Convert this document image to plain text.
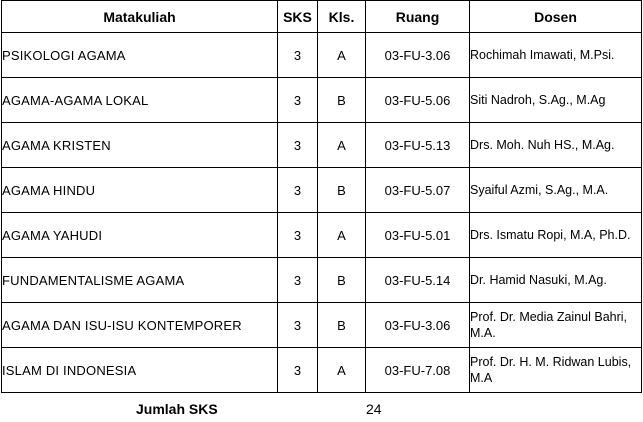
Matakuliah	SKS	Kls.	Ruang	Dosen
PSIKOLOGI AGAMA	3	A	03-FU-3.06	Rochimah Imawati, M.Psi.
AGAMA-AGAMA LOKAL	3	B	03-FU-5.06	Siti Nadroh, S.Ag., M.Ag
AGAMA KRISTEN	3	A	03-FU-5.13	Drs. Moh. Nuh HS., M.Ag.
AGAMA HINDU	3	B	03-FU-5.07	Syaiful Azmi, S.Ag., M.A.
AGAMA YAHUDI	3	A	03-FU-5.01	Drs. Ismatu Ropi, M.A, Ph.D.
FUNDAMENTALISME AGAMA	3	B	03-FU-5.14	Dr. Hamid Nasuki, M.Ag.
AGAMA DAN ISU-ISU KONTEMPORER	3	B	03-FU-3.06	Prof. Dr. Media Zainul Bahri, M.A.
ISLAM DI INDONESIA	3	A	03-FU-7.08	Prof. Dr. H. M. Ridwan Lubis, M.A
Jumlah SKS	24
